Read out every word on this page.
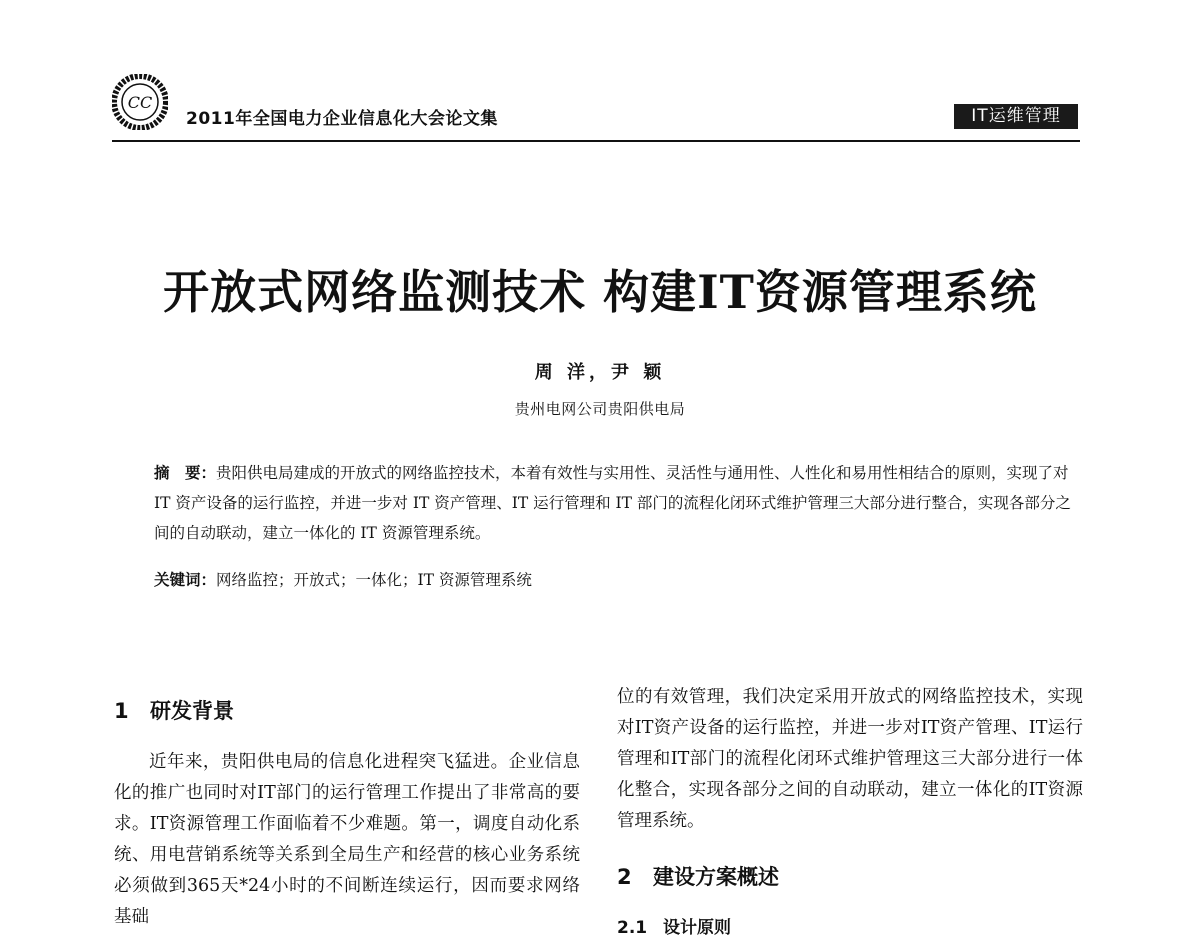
CC
2011年全国电力企业信息化大会论文集	IT运维管理
开放式网络监测技术 构建IT资源管理系统
周 洋，尹 颖
贵州电网公司贵阳供电局
摘　要：贵阳供电局建成的开放式的网络监控技术，本着有效性与实用性、灵活性与通用性、人性化和易用性相结合的原则，实现了对 IT 资产设备的运行监控，并进一步对 IT 资产管理、IT 运行管理和 IT 部门的流程化闭环式维护管理三大部分进行整合，实现各部分之间的自动联动，建立一体化的 IT 资源管理系统。
关键词：网络监控；开放式；一体化；IT 资源管理系统
1 研发背景

近年来，贵阳供电局的信息化进程突飞猛进。企业信息化的推广也同时对IT部门的运行管理工作提出了非常高的要求。IT资源管理工作面临着不少难题。第一，调度自动化系统、用电营销系统等关系到全局生产和经营的核心业务系统必须做到365天*24小时的不间断连续运行，因而要求网络基础

位的有效管理，我们决定采用开放式的网络监控技术，实现对IT资产设备的运行监控，并进一步对IT资产管理、IT运行管理和IT部门的流程化闭环式维护管理这三大部分进行一体化整合，实现各部分之间的自动联动，建立一体化的IT资源管理系统。

2 建设方案概述
2.1 设计原则
